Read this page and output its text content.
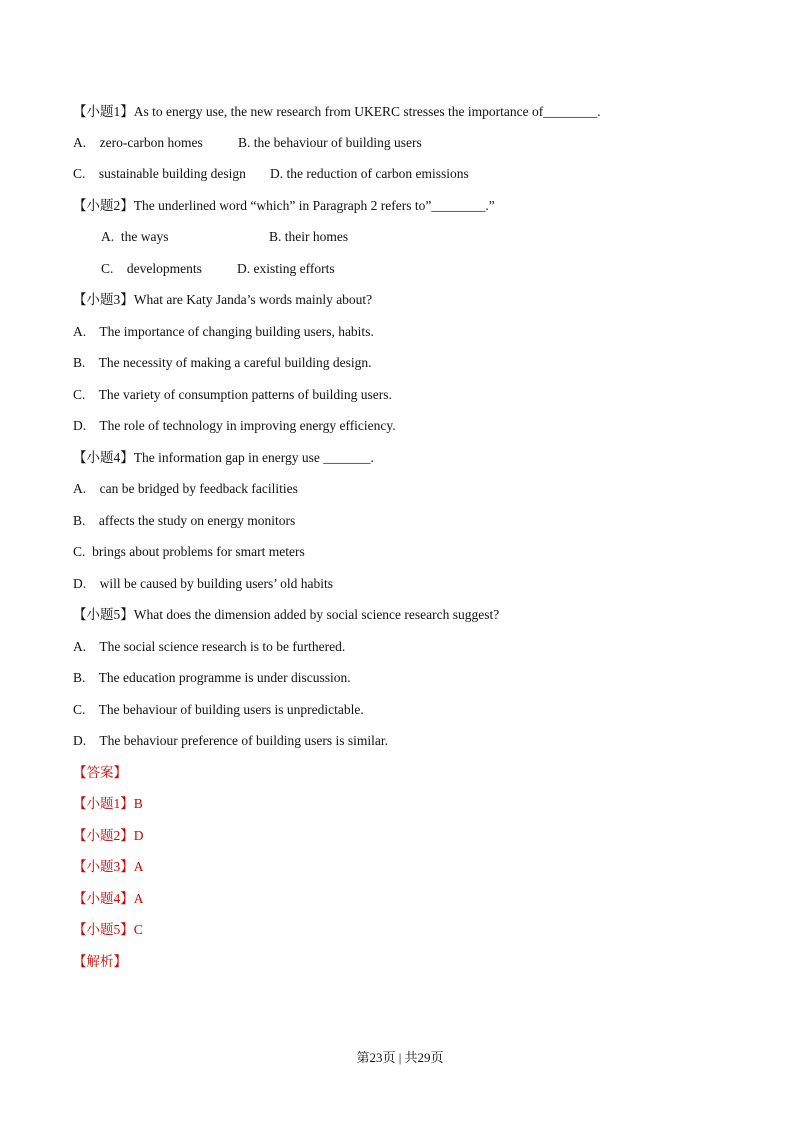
【小题1】As to energy use, the new research from UKERC stresses the importance of________.
A.    zero-carbon homes	B. the behaviour of building users
C.    sustainable building design D. the reduction of carbon emissions
【小题2】The underlined word “which” in Paragraph 2 refers to”________.”
A.  the ways	B. their homes
C.    developments	D. existing efforts
【小题3】What are Katy Janda’s words mainly about?
A.    The importance of changing building users, habits.
B.    The necessity of making a careful building design.
C.    The variety of consumption patterns of building users.
D.    The role of technology in improving energy efficiency.
【小题4】The information gap in energy use _______.
A.    can be bridged by feedback facilities
B.    affects the study on energy monitors
C.  brings about problems for smart meters
D.    will be caused by building users’ old habits
【小题5】What does the dimension added by social science research suggest?
A.    The social science research is to be furthered.
B.    The education programme is under discussion.
C.    The behaviour of building users is unpredictable.
D.    The behaviour preference of building users is similar.
【答案】
【小题1】B
【小题2】D
【小题3】A
【小题4】A
【小题5】C
【解析】
第23页 | 共29页
